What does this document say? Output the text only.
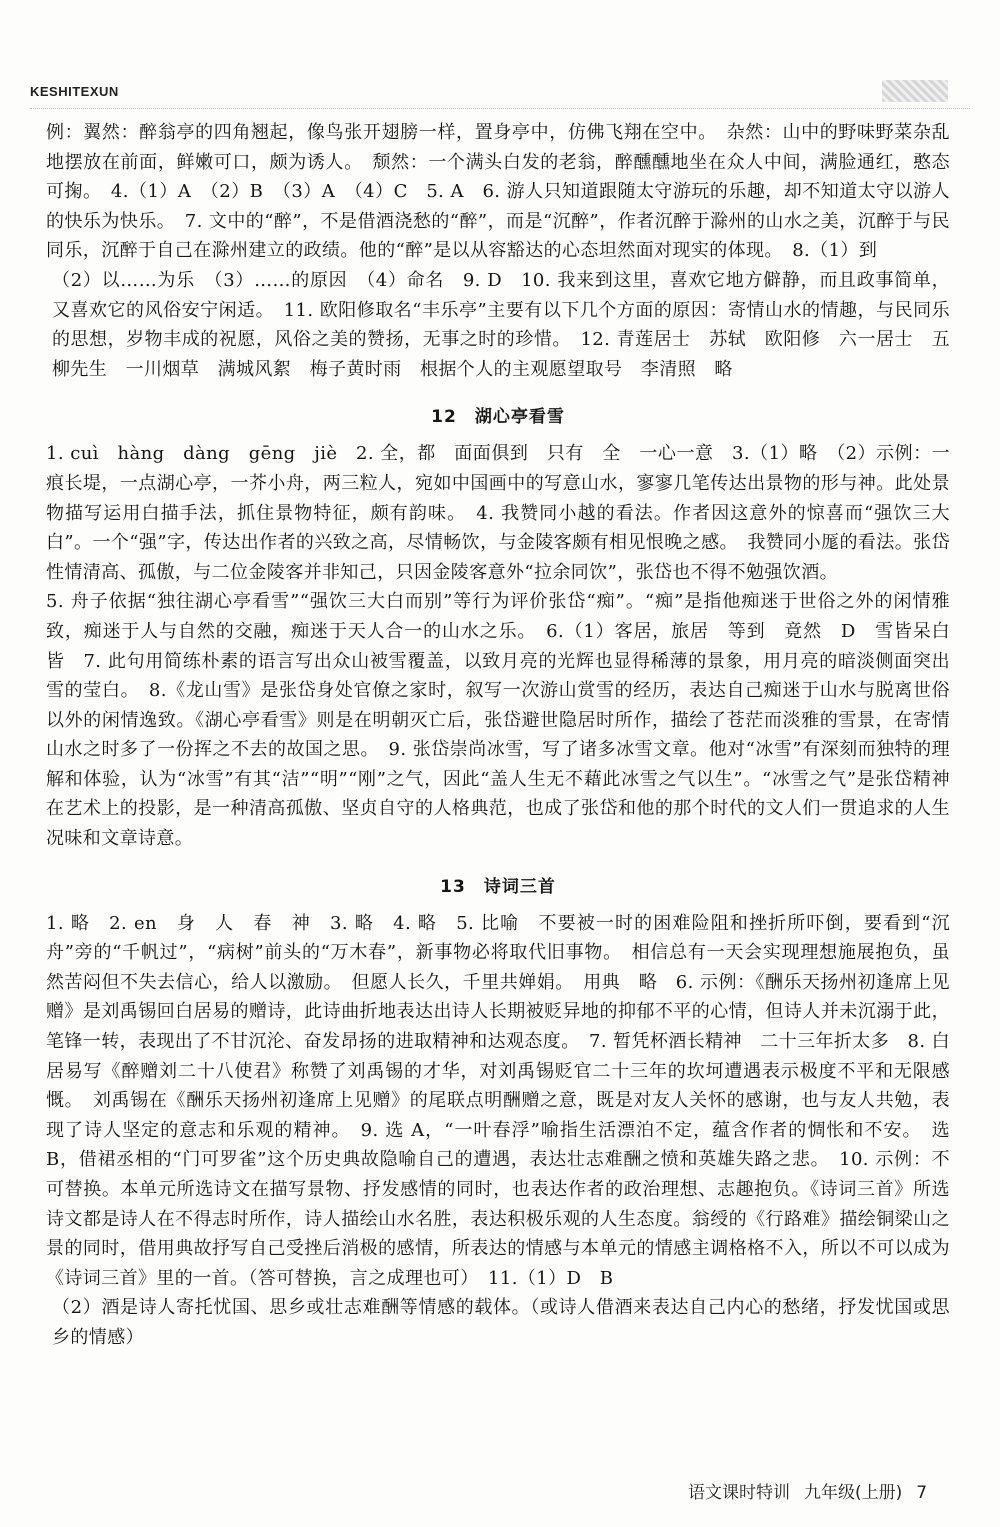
KESHITEXUN

例：翼然：醉翁亭的四角翘起，像鸟张开翅膀一样，置身亭中，仿佛飞翔在空中。　杂然：山中的野味野菜杂乱地摆放在前面，鲜嫩可口，颇为诱人。　颓然：一个满头白发的老翁，醉醺醺地坐在众人中间，满脸通红，憨态可掬。　4.（1）A　（2）B　（3）A　（4）C　5. A　6. 游人只知道跟随太守游玩的乐趣，却不知道太守以游人的快乐为快乐。　7. 文中的“醉”，不是借酒浇愁的“醉”，而是“沉醉”，作者沉醉于滁州的山水之美，沉醉于与民同乐，沉醉于自己在滁州建立的政绩。他的“醉”是以从容豁达的心态坦然面对现实的体现。　8.（1）到

（2）以……为乐　（3）……的原因　（4）命名　9. D　10. 我来到这里，喜欢它地方僻静，而且政事简单，又喜欢它的风俗安宁闲适。　11. 欧阳修取名“丰乐亭”主要有以下几个方面的原因：寄情山水的情趣，与民同乐的思想，岁物丰成的祝愿，风俗之美的赞扬，无事之时的珍惜。　12. 青莲居士　苏轼　欧阳修　六一居士　五柳先生　一川烟草　满城风絮　梅子黄时雨　根据个人的主观愿望取号　李清照　略

12 湖心亭看雪

1. cuì　hàng　dàng　gēng　jiè　2. 全，都　面面俱到　只有　全　一心一意　3.（1）略　（2）示例：一痕长堤，一点湖心亭，一芥小舟，两三粒人，宛如中国画中的写意山水，寥寥几笔传达出景物的形与神。此处景物描写运用白描手法，抓住景物特征，颇有韵味。　4. 我赞同小越的看法。作者因这意外的惊喜而“强饮三大白”。一个“强”字，传达出作者的兴致之高，尽情畅饮，与金陵客颇有相见恨晚之感。　我赞同小厖的看法。张岱性情清高、孤傲，与二位金陵客并非知己，只因金陵客意外“拉余同饮”，张岱也不得不勉强饮酒。

5. 舟子依据“独往湖心亭看雪”“强饮三大白而别”等行为评价张岱“痴”。“痴”是指他痴迷于世俗之外的闲情雅致，痴迷于人与自然的交融，痴迷于天人合一的山水之乐。　6.（1）客居，旅居　等到　竟然　D　雪皆呆白　皆　7. 此句用简练朴素的语言写出众山被雪覆盖，以致月亮的光辉也显得稀薄的景象，用月亮的暗淡侧面突出雪的莹白。　8.《龙山雪》是张岱身处官僚之家时，叙写一次游山赏雪的经历，表达自己痴迷于山水与脱离世俗以外的闲情逸致。《湖心亭看雪》则是在明朝灭亡后，张岱避世隐居时所作，描绘了苍茫而淡雅的雪景，在寄情山水之时多了一份挥之不去的故国之思。　9. 张岱崇尚冰雪，写了诸多冰雪文章。他对“冰雪”有深刻而独特的理解和体验，认为“冰雪”有其“洁”“明”“刚”之气，因此“盖人生无不藉此冰雪之气以生”。“冰雪之气”是张岱精神在艺术上的投影，是一种清高孤傲、坚贞自守的人格典范，也成了张岱和他的那个时代的文人们一贯追求的人生况味和文章诗意。

13 诗词三首

1. 略　2. en　身　人　春　神　3. 略　4. 略　5. 比喻　不要被一时的困难险阻和挫折所吓倒，要看到“沉舟”旁的“千帆过”，“病树”前头的“万木春”，新事物必将取代旧事物。　相信总有一天会实现理想施展抱负，虽然苦闷但不失去信心，给人以激励。　但愿人长久，千里共婵娟。　用典　略　6. 示例：《酬乐天扬州初逢席上见赠》是刘禹锡回白居易的赠诗，此诗曲折地表达出诗人长期被贬异地的抑郁不平的心情，但诗人并未沉溺于此，笔锋一转，表现出了不甘沉沦、奋发昂扬的进取精神和达观态度。　7. 暂凭杯酒长精神　二十三年折太多　8. 白居易写《醉赠刘二十八使君》称赞了刘禹锡的才华，对刘禹锡贬官二十三年的坎坷遭遇表示极度不平和无限感慨。　刘禹锡在《酬乐天扬州初逢席上见赠》的尾联点明酬赠之意，既是对友人关怀的感谢，也与友人共勉，表现了诗人坚定的意志和乐观的精神。　9. 选 A，“一叶春浮”喻指生活漂泊不定，蕴含作者的惆怅和不安。　选 B，借裙丞相的“门可罗雀”这个历史典故隐喻自己的遭遇，表达壮志难酬之愤和英雄失路之悲。　10. 示例：不可替换。本单元所选诗文在描写景物、抒发感情的同时，也表达作者的政治理想、志趣抱负。《诗词三首》所选诗文都是诗人在不得志时所作，诗人描绘山水名胜，表达积极乐观的人生态度。翁绶的《行路难》描绘铜梁山之景的同时，借用典故抒写自己受挫后消极的感情，所表达的情感与本单元的情感主调格格不入，所以不可以成为《诗词三首》里的一首。（答可替换，言之成理也可）　11.（1）D　B

（2）酒是诗人寄托忧国、思乡或壮志难酬等情感的载体。（或诗人借酒来表达自己内心的愁绪，抒发忧国或思乡的情感）

语文课时特训 九年级(上册) 7
